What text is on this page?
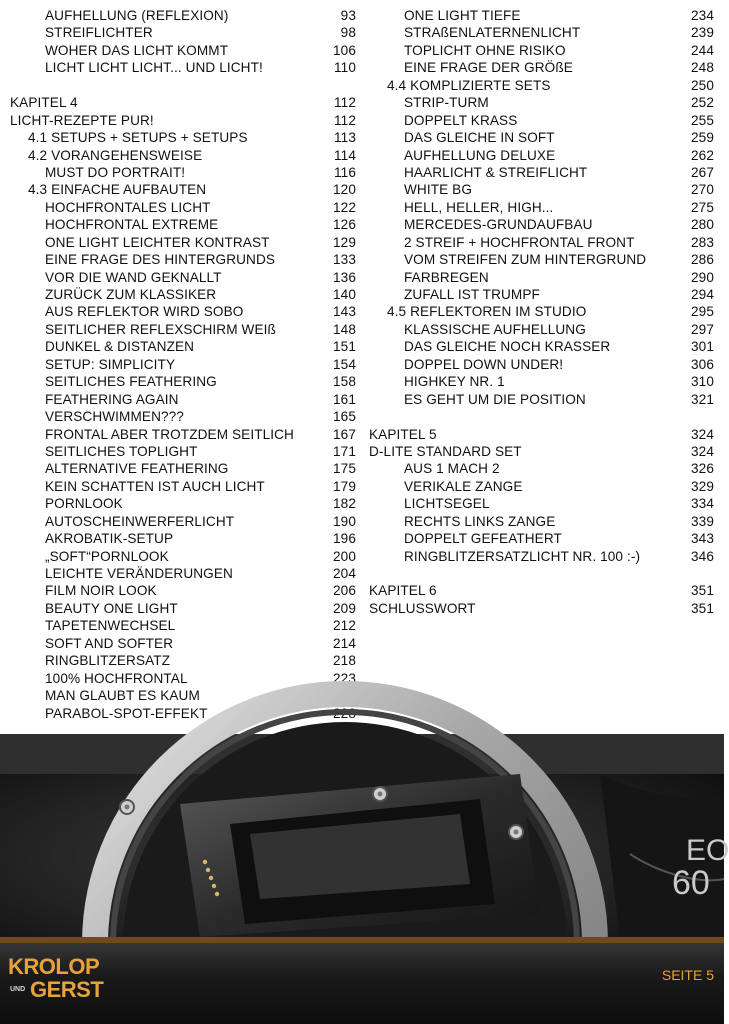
AUFHELLUNG (REFLEXION)	93
STREIFLICHTER	98
WOHER DAS LICHT KOMMT	106
LICHT LICHT LICHT... UND LICHT!	110
KAPITEL 4	112
LICHT-REZEPTE PUR!	112
4.1 SETUPS + SETUPS + SETUPS	113
4.2 VORANGEHENSWEISE	114
MUST DO PORTRAIT!	116
4.3 EINFACHE AUFBAUTEN	120
HOCHFRONTALES LICHT	122
HOCHFRONTAL EXTREME	126
ONE LIGHT LEICHTER KONTRAST	129
EINE FRAGE DES HINTERGRUNDS	133
VOR DIE WAND GEKNALLT	136
ZURÜCK ZUM KLASSIKER	140
AUS REFLEKTOR WIRD SOBO	143
SEITLICHER REFLEXSCHIRM WEIß	148
DUNKEL & DISTANZEN	151
SETUP: SIMPLICITY	154
SEITLICHES FEATHERING	158
FEATHERING AGAIN	161
VERSCHWIMMEN???	165
FRONTAL ABER TROTZDEM SEITLICH	167
SEITLICHES TOPLIGHT	171
ALTERNATIVE FEATHERING	175
KEIN SCHATTEN IST AUCH LICHT	179
PORNLOOK	182
AUTOSCHEINWERFERLICHT	190
AKROBATIK-SETUP	196
„SOFT“PORNLOOK	200
LEICHTE VERÄNDERUNGEN	204
FILM NOIR LOOK	206
BEAUTY ONE LIGHT	209
TAPETENWECHSEL	212
SOFT AND SOFTER	214
RINGBLITZERSATZ	218
100% HOCHFRONTAL	223
MAN GLAUBT ES KAUM	226
PARABOL-SPOT-EFFEKT	228
ONE LIGHT TIEFE	234
STRAßENLATERNENLICHT	239
TOPLICHT OHNE RISIKO	244
EINE FRAGE DER GRÖßE	248
4.4 KOMPLIZIERTE SETS	250
STRIP-TURM	252
DOPPELT KRASS	255
DAS GLEICHE IN SOFT	259
AUFHELLUNG DELUXE	262
HAARLICHT & STREIFLICHT	267
WHITE BG	270
HELL, HELLER, HIGH...	275
MERCEDES-GRUNDAUFBAU	280
2 STREIF + HOCHFRONTAL FRONT	283
VOM STREIFEN ZUM HINTERGRUND	286
FARBREGEN	290
ZUFALL IST TRUMPF	294
4.5 REFLEKTOREN IM STUDIO	295
KLASSISCHE AUFHELLUNG	297
DAS GLEICHE NOCH KRASSER	301
DOPPEL DOWN UNDER!	306
HIGHKEY NR. 1	310
ES GEHT UM DIE POSITION	321
KAPITEL 5	324
D-LITE STANDARD SET	324
AUS 1 MACH 2	326
VERIKALE ZANGE	329
LICHTSEGEL	334
RECHTS LINKS ZANGE	339
DOPPELT GEFEATHERT	343
RINGBLITZERSATZLICHT NR. 100 :-)	346
KAPITEL 6	351
SCHLUSSWORT	351
EO
60
KROLOP
UND GERST
SEITE 5
